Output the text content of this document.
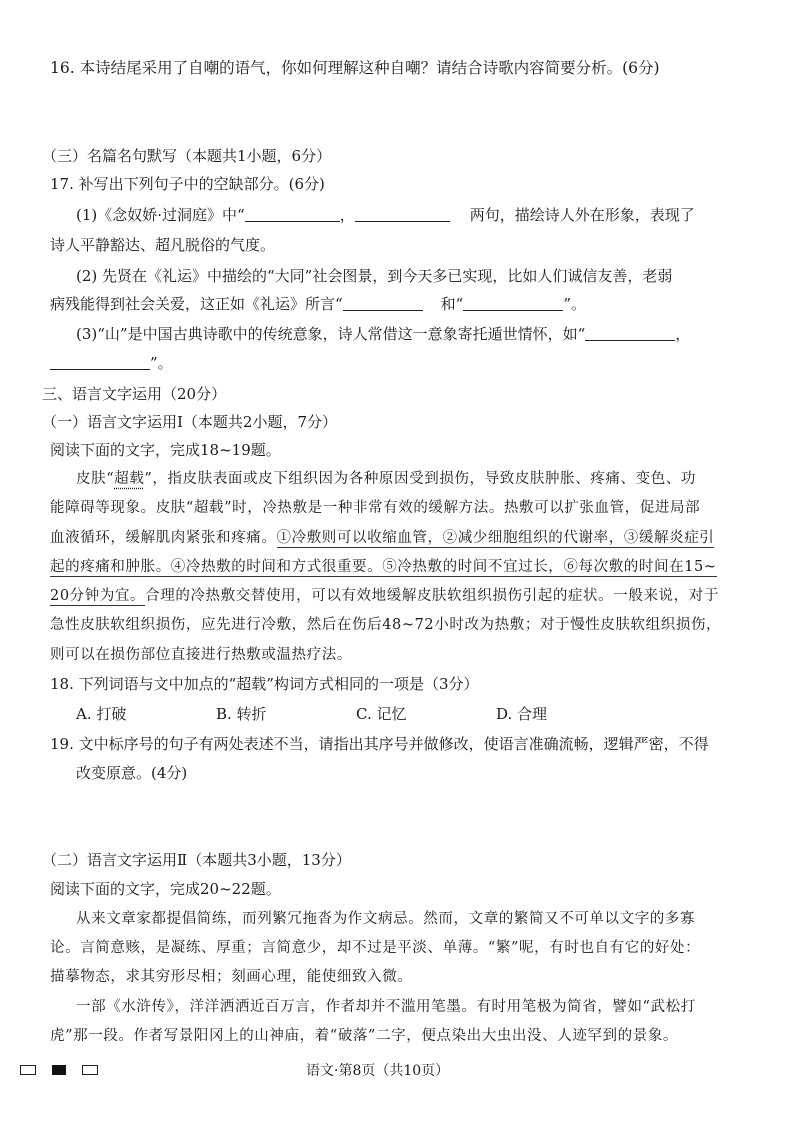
16. 本诗结尾采用了自嘲的语气，你如何理解这种自嘲？请结合诗歌内容简要分析。(6分)
（三）名篇名句默写（本题共1小题，6分）
17. 补写出下列句子中的空缺部分。(6分)
(1)《念奴娇·过洞庭》中“	，	两句，描绘诗人外在形象，表现了
诗人平静豁达、超凡脱俗的气度。
(2) 先贤在《礼运》中描绘的“大同”社会图景，到今天多已实现，比如人们诚信友善，老弱
病残能得到社会关爱，这正如《礼运》所言“	和“	”。
(3)“山”是中国古典诗歌中的传统意象，诗人常借这一意象寄托遁世情怀，如“	，
”。
三、语言文字运用（20分）
（一）语言文字运用Ⅰ（本题共2小题，7分）
阅读下面的文字，完成18~19题。
皮肤“超载”，指皮肤表面或皮下组织因为各种原因受到损伤，导致皮肤肿胀、疼痛、变色、功
能障碍等现象。皮肤“超载”时，冷热敷是一种非常有效的缓解方法。热敷可以扩张血管，促进局部
血液循环，缓解肌肉紧张和疼痛。①冷敷则可以收缩血管，②减少细胞组织的代谢率，③缓解炎症引
起的疼痛和肿胀。④冷热敷的时间和方式很重要。⑤冷热敷的时间不宜过长，⑥每次敷的时间在15~
20分钟为宜。合理的冷热敷交替使用，可以有效地缓解皮肤软组织损伤引起的症状。一般来说，对于
急性皮肤软组织损伤，应先进行冷敷，然后在伤后48~72小时改为热敷；对于慢性皮肤软组织损伤，
则可以在损伤部位直接进行热敷或温热疗法。
18. 下列词语与文中加点的“超载”构词方式相同的一项是（3分）
A. 打破	B. 转折	C. 记忆	D. 合理
19. 文中标序号的句子有两处表述不当，请指出其序号并做修改，使语言准确流畅，逻辑严密，不得
改变原意。(4分)
（二）语言文字运用Ⅱ（本题共3小题，13分）
阅读下面的文字，完成20~22题。
从来文章家都提倡简练，而列繁冗拖沓为作文病忌。然而，文章的繁简又不可单以文字的多寡
论。言简意赅，是凝练、厚重；言简意少，却不过是平淡、单薄。“繁”呢，有时也自有它的好处：
描摹物态，求其穷形尽相；刻画心理，能使细致入微。
一部《水浒传》，洋洋洒洒近百万言，作者却并不滥用笔墨。有时用笔极为简省，譬如“武松打
虎”那一段。作者写景阳冈上的山神庙，着“破落”二字，便点染出大虫出没、人迹罕到的景象。
语文·第8页（共10页）
